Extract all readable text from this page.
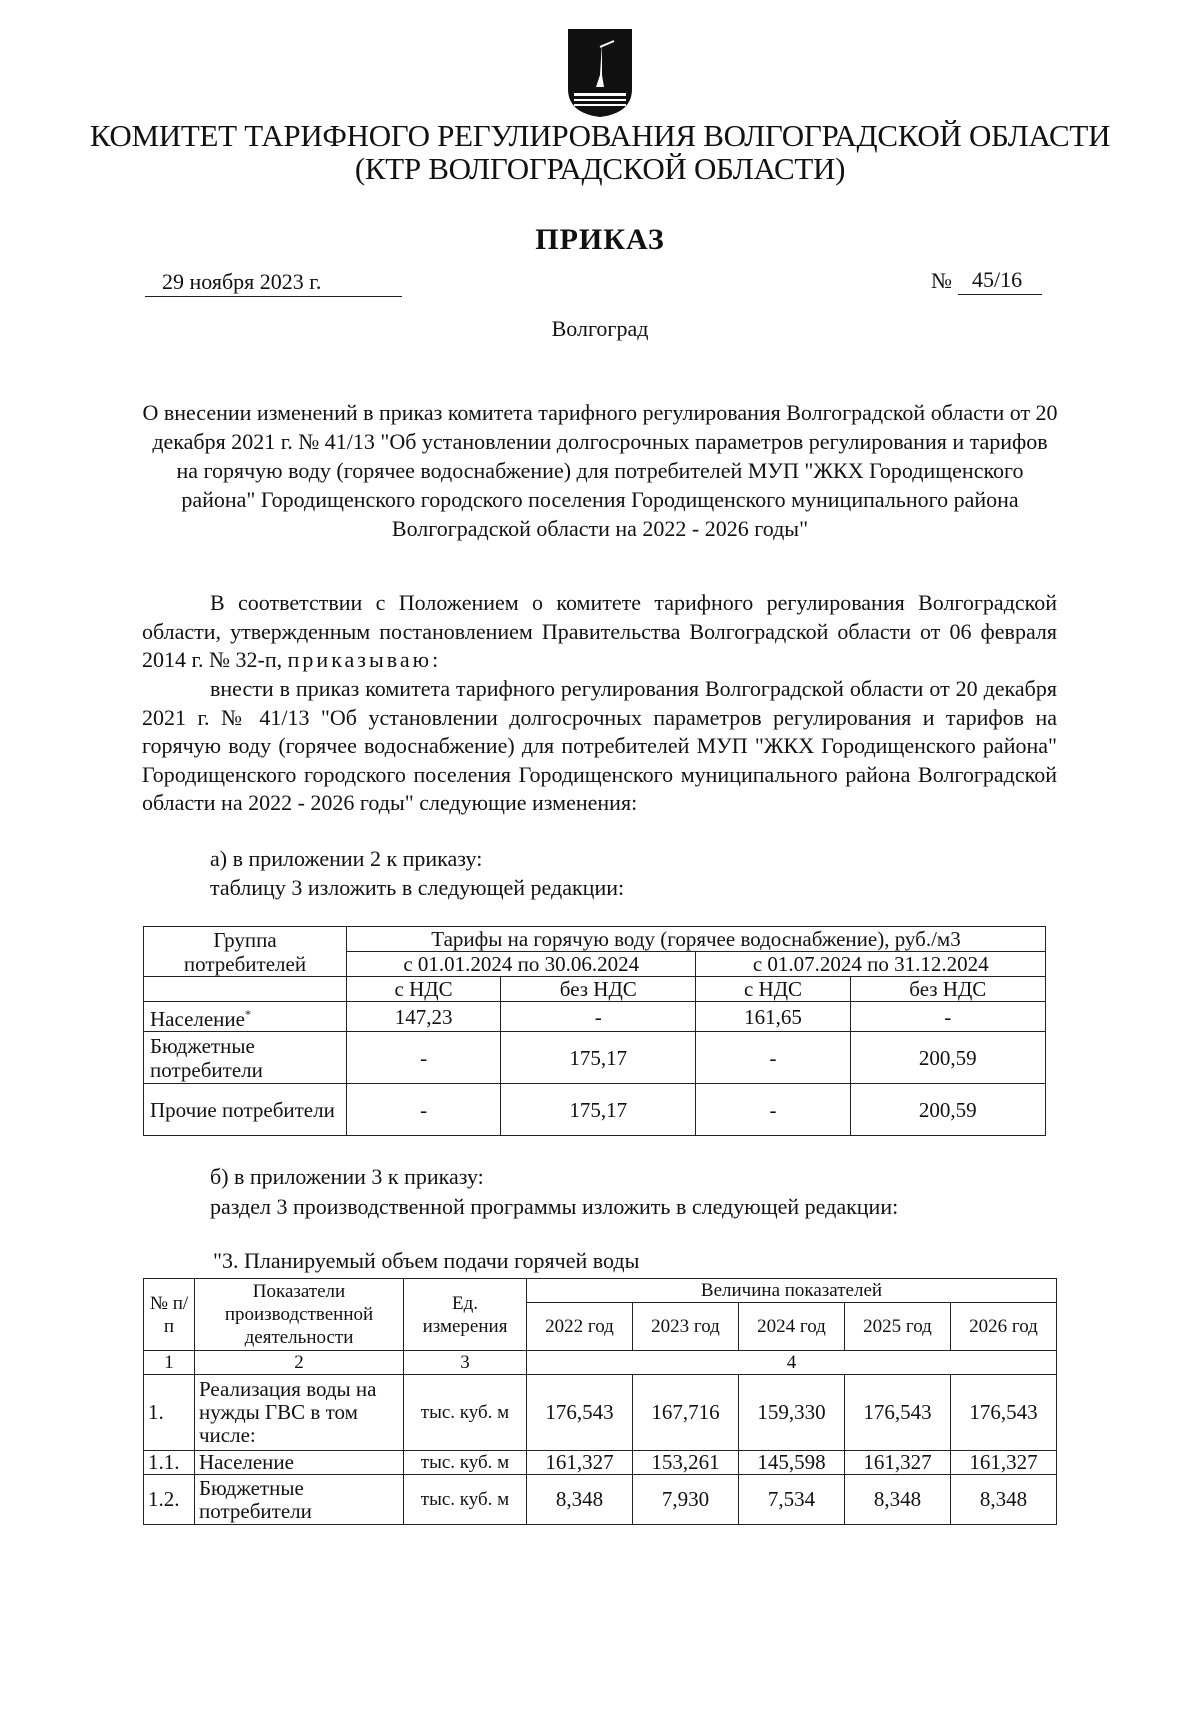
КОМИТЕТ ТАРИФНОГО РЕГУЛИРОВАНИЯ ВОЛГОГРАДСКОЙ ОБЛАСТИ
(КТР ВОЛГОГРАДСКОЙ ОБЛАСТИ)
ПРИКАЗ
29 ноября 2023 г.	№ 45/16
Волгоград
О внесении изменений в приказ комитета тарифного регулирования Волгоградской области от 20 декабря 2021 г. № 41/13 "Об установлении долгосрочных параметров регулирования и тарифов на горячую воду (горячее водоснабжение) для потребителей МУП "ЖКХ Городищенского района" Городищенского городского поселения Городищенского муниципального района Волгоградской области на 2022 - 2026 годы"
В соответствии с Положением о комитете тарифного регулирования Волгоградской области, утвержденным постановлением Правительства Волгоградской области от 06 февраля 2014 г. № 32-п, приказываю:
внести в приказ комитета тарифного регулирования Волгоградской области от 20 декабря 2021 г. № 41/13 "Об установлении долгосрочных параметров регулирования и тарифов на горячую воду (горячее водоснабжение) для потребителей МУП "ЖКХ Городищенского района" Городищенского городского поселения Городищенского муниципального района Волгоградской области на 2022 - 2026 годы" следующие изменения:
а) в приложении 2 к приказу:
таблицу 3 изложить в следующей редакции:
Группа потребителей	Тарифы на горячую воду (горячее водоснабжение), руб./м3			
	с 01.01.2024 по 30.06.2024		с 01.07.2024 по 31.12.2024	
	с НДС	без НДС	с НДС	без НДС
Население*	147,23	-	161,65	-
Бюджетные потребители	-	175,17	-	200,59
Прочие потребители	-	175,17	-	200,59
б) в приложении 3 к приказу:
раздел 3 производственной программы изложить в следующей редакции:
"3. Планируемый объем подачи горячей воды
№ п/п	Показатели производственной деятельности	Ед. измерения	Величина показателей				
			2022 год	2023 год	2024 год	2025 год	2026 год
1	2	3	4				
1.	Реализация воды на нужды ГВС в том числе:	тыс. куб. м	176,543	167,716	159,330	176,543	176,543
1.1.	Население	тыс. куб. м	161,327	153,261	145,598	161,327	161,327
1.2.	Бюджетные потребители	тыс. куб. м	8,348	7,930	7,534	8,348	8,348
